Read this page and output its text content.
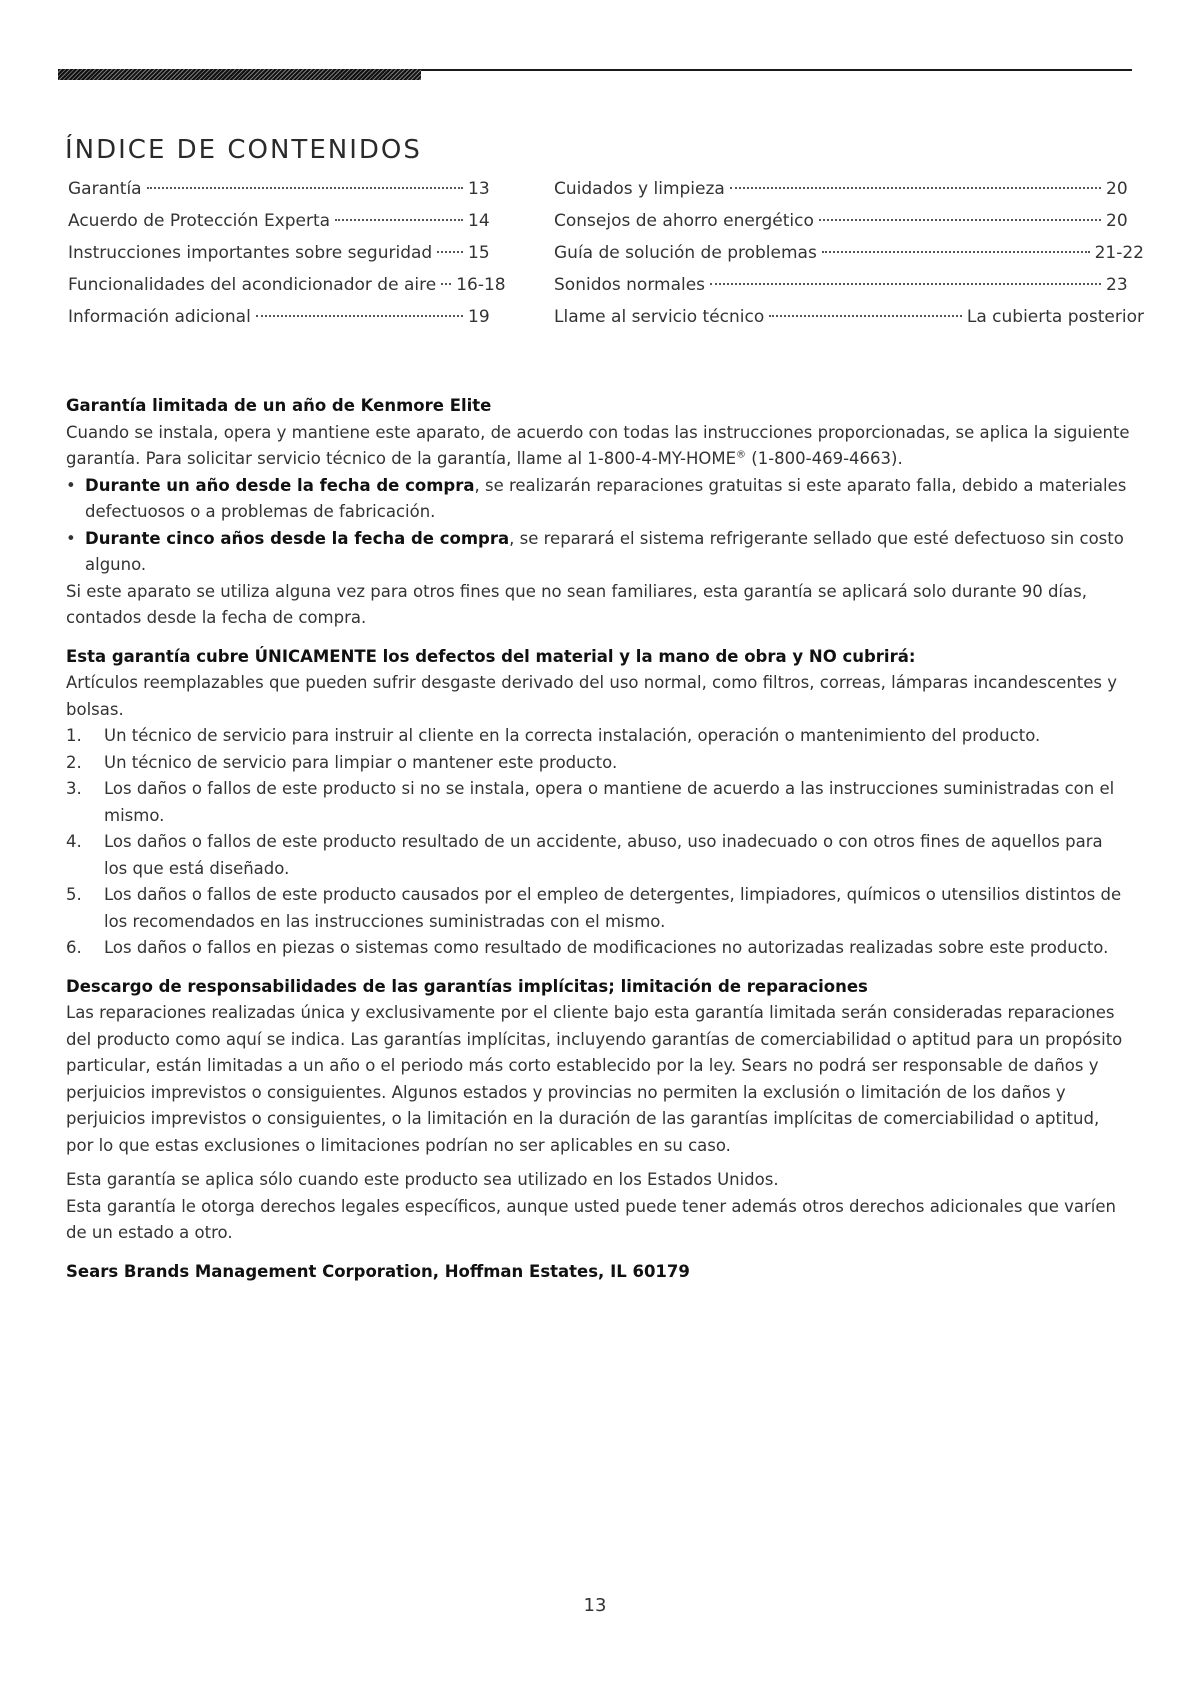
ÍNDICE DE CONTENIDOS
Garantía	13
Acuerdo de Protección Experta	14
Instrucciones importantes sobre seguridad 15
Funcionalidades del acondicionador de aire 16-18
Información adicional	19
Cuidados y limpieza	20
Consejos de ahorro energético	20
Guía de solución de problemas	21-22
Sonidos normales	23
Llame al servicio técnico	La cubierta posterior
Garantía limitada de un año de Kenmore Elite

Cuando se instala, opera y mantiene este aparato, de acuerdo con todas las instrucciones proporcionadas, se aplica la siguiente garantía. Para solicitar servicio técnico de la garantía, llame al 1-800-4-MY-HOME® (1-800-469-4663).

• Durante un año desde la fecha de compra, se realizarán reparaciones gratuitas si este aparato falla, debido a materiales defectuosos o a problemas de fabricación.

• Durante cinco años desde la fecha de compra, se reparará el sistema refrigerante sellado que esté defectuoso sin costo alguno.

Si este aparato se utiliza alguna vez para otros fines que no sean familiares, esta garantía se aplicará solo durante 90 días, contados desde la fecha de compra.

Esta garantía cubre ÚNICAMENTE los defectos del material y la mano de obra y NO cubrirá:

Artículos reemplazables que pueden sufrir desgaste derivado del uso normal, como filtros, correas, lámparas incandescentes y bolsas.

1. Un técnico de servicio para instruir al cliente en la correcta instalación, operación o mantenimiento del producto.
2. Un técnico de servicio para limpiar o mantener este producto.
3. Los daños o fallos de este producto si no se instala, opera o mantiene de acuerdo a las instrucciones suministradas con el mismo.
4. Los daños o fallos de este producto resultado de un accidente, abuso, uso inadecuado o con otros fines de aquellos para los que está diseñado.
5. Los daños o fallos de este producto causados por el empleo de detergentes, limpiadores, químicos o utensilios distintos de los recomendados en las instrucciones suministradas con el mismo.
6. Los daños o fallos en piezas o sistemas como resultado de modificaciones no autorizadas realizadas sobre este producto.
Descargo de responsabilidades de las garantías implícitas; limitación de reparaciones

Las reparaciones realizadas única y exclusivamente por el cliente bajo esta garantía limitada serán consideradas reparaciones del producto como aquí se indica. Las garantías implícitas, incluyendo garantías de comerciabilidad o aptitud para un propósito particular, están limitadas a un año o el periodo más corto establecido por la ley. Sears no podrá ser responsable de daños y perjuicios imprevistos o consiguientes. Algunos estados y provincias no permiten la exclusión o limitación de los daños y perjuicios imprevistos o consiguientes, o la limitación en la duración de las garantías implícitas de comerciabilidad o aptitud, por lo que estas exclusiones o limitaciones podrían no ser aplicables en su caso.

Esta garantía se aplica sólo cuando este producto sea utilizado en los Estados Unidos.

Esta garantía le otorga derechos legales específicos, aunque usted puede tener además otros derechos adicionales que varíen de un estado a otro.

Sears Brands Management Corporation, Hoffman Estates, IL 60179

13
